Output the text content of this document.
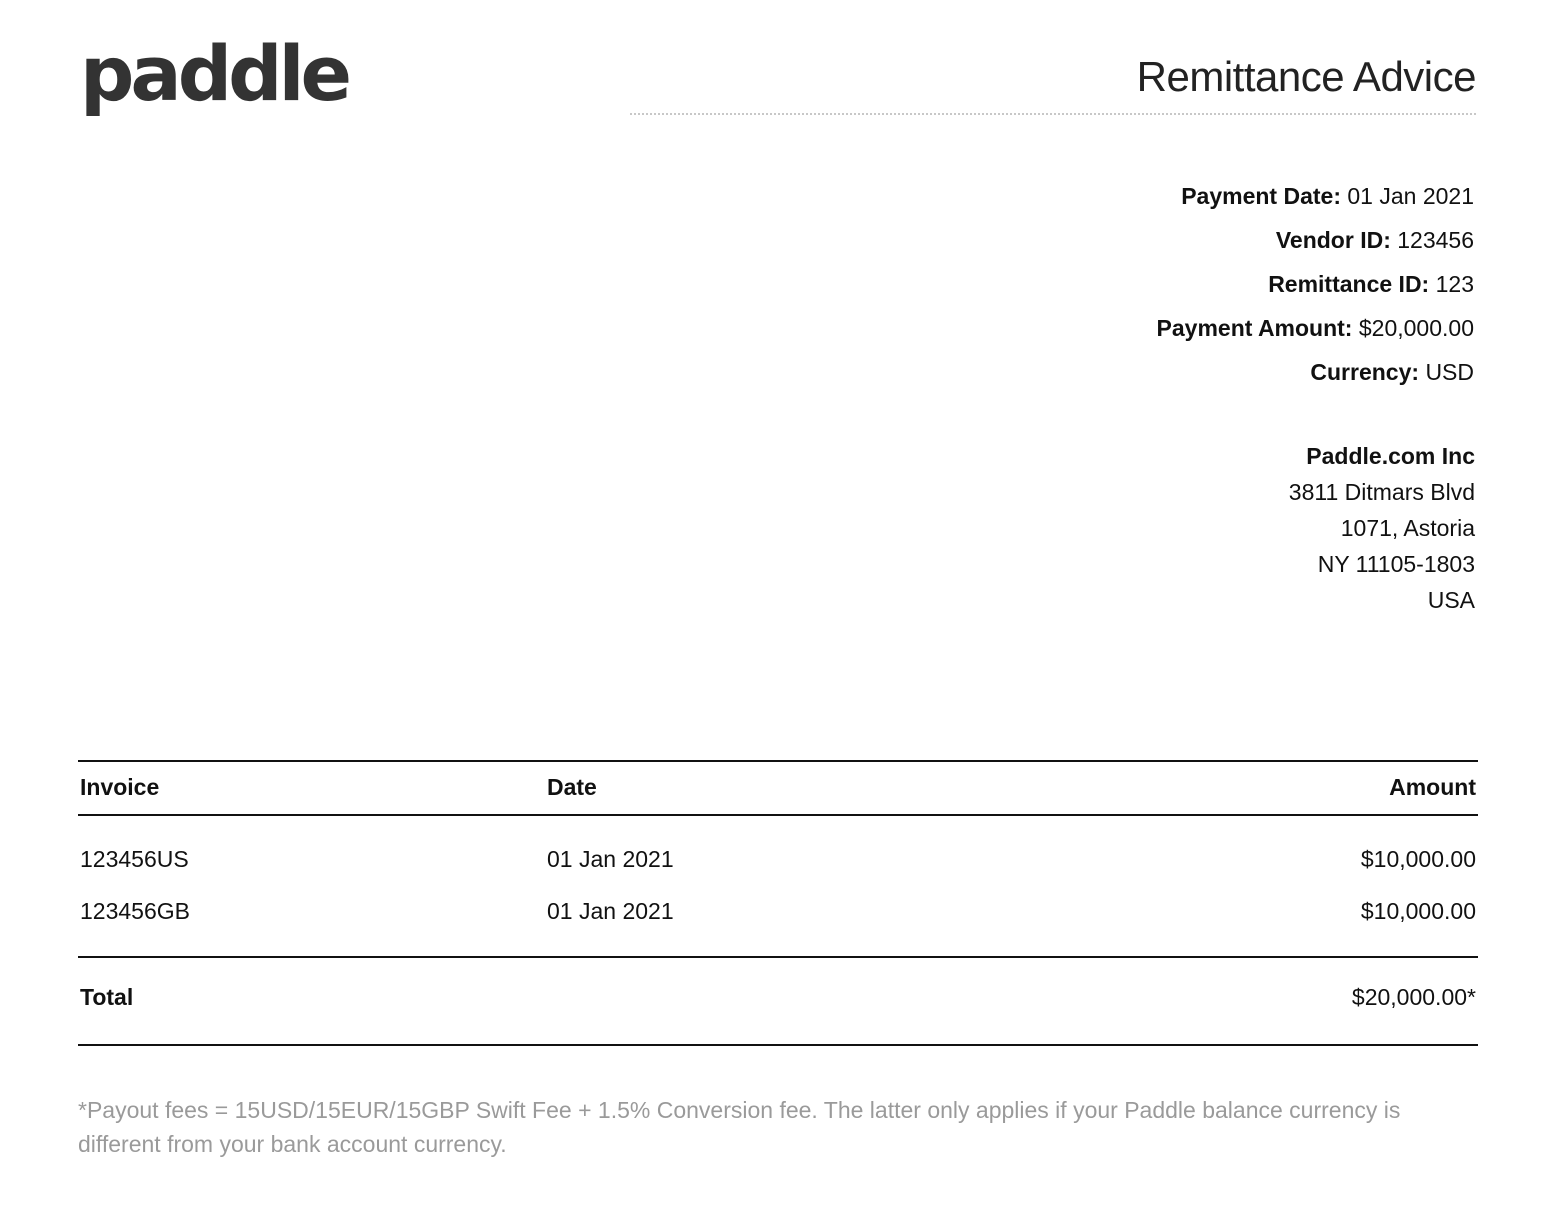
paddle	Remittance Advice
Payment Date: 01 Jan 2021
Vendor ID: 123456
Remittance ID: 123
Payment Amount: $20,000.00
Currency: USD
Paddle.com Inc
3811 Ditmars Blvd
1071, Astoria
NY 11105-1803
USA
Invoice	Date	Amount
123456US	01 Jan 2021	$10,000.00
123456GB	01 Jan 2021	$10,000.00
Total	$20,000.00*
*Payout fees = 15USD/15EUR/15GBP Swift Fee + 1.5% Conversion fee. The latter only applies if your Paddle balance currency is different from your bank account currency.
